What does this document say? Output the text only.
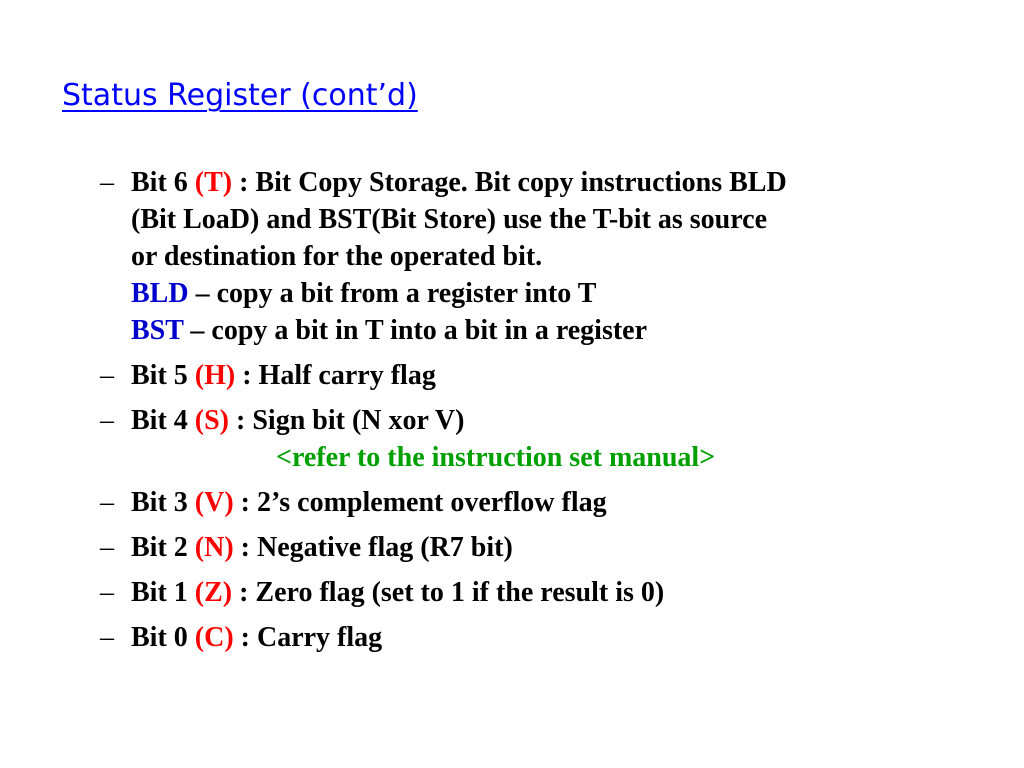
Status Register (cont’d)
– Bit 6 (T) : Bit Copy Storage. Bit copy instructions BLD
(Bit LoaD) and BST(Bit Store) use the T-bit as source
or destination for the operated bit.
BLD – copy a bit from a register into T
BST – copy a bit in T into a bit in a register
– Bit 5 (H) : Half carry flag
– Bit 4 (S) : Sign bit (N xor V)
<refer to the instruction set manual>
– Bit 3 (V) : 2’s complement overflow flag
– Bit 2 (N) : Negative flag (R7 bit)
– Bit 1 (Z) : Zero flag (set to 1 if the result is 0)
– Bit 0 (C) : Carry flag
